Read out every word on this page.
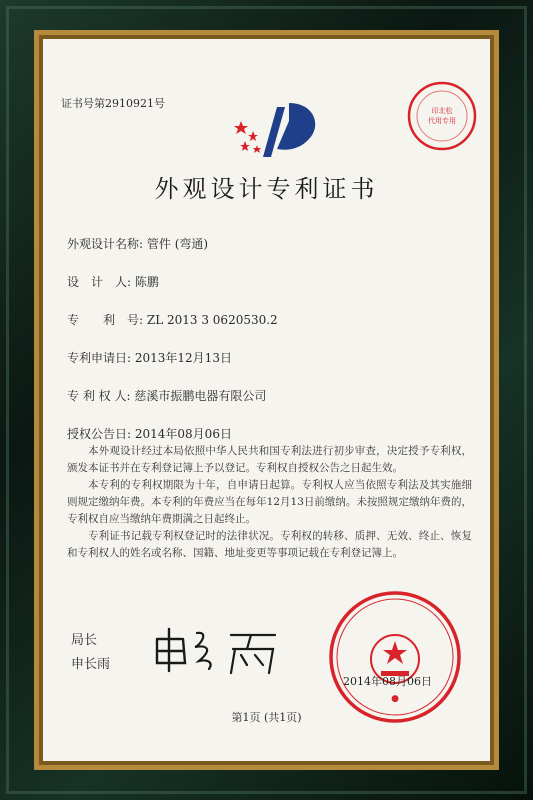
证书号第2910921号
印北松
代用专用
外观设计专利证书
外观设计名称: 管件 (弯通)
设　计　人: 陈鹏
专　　利　号: ZL 2013 3 0620530.2
专利申请日: 2013年12月13日
专 利 权 人: 慈溪市振鹏电器有限公司
授权公告日: 2014年08月06日

本外观设计经过本局依照中华人民共和国专利法进行初步审查，决定授予专利权，颁发本证书并在专利登记簿上予以登记。专利权自授权公告之日起生效。

本专利的专利权期限为十年，自申请日起算。专利权人应当依照专利法及其实施细则规定缴纳年费。本专利的年费应当在每年12月13日前缴纳。未按照规定缴纳年费的，专利权自应当缴纳年费期满之日起终止。

专利证书记载专利权登记时的法律状况。专利权的转移、质押、无效、终止、恢复和专利权人的姓名或名称、国籍、地址变更等事项记载在专利登记簿上。

●
局长
申长雨
2014年08月06日
第1页 (共1页)
